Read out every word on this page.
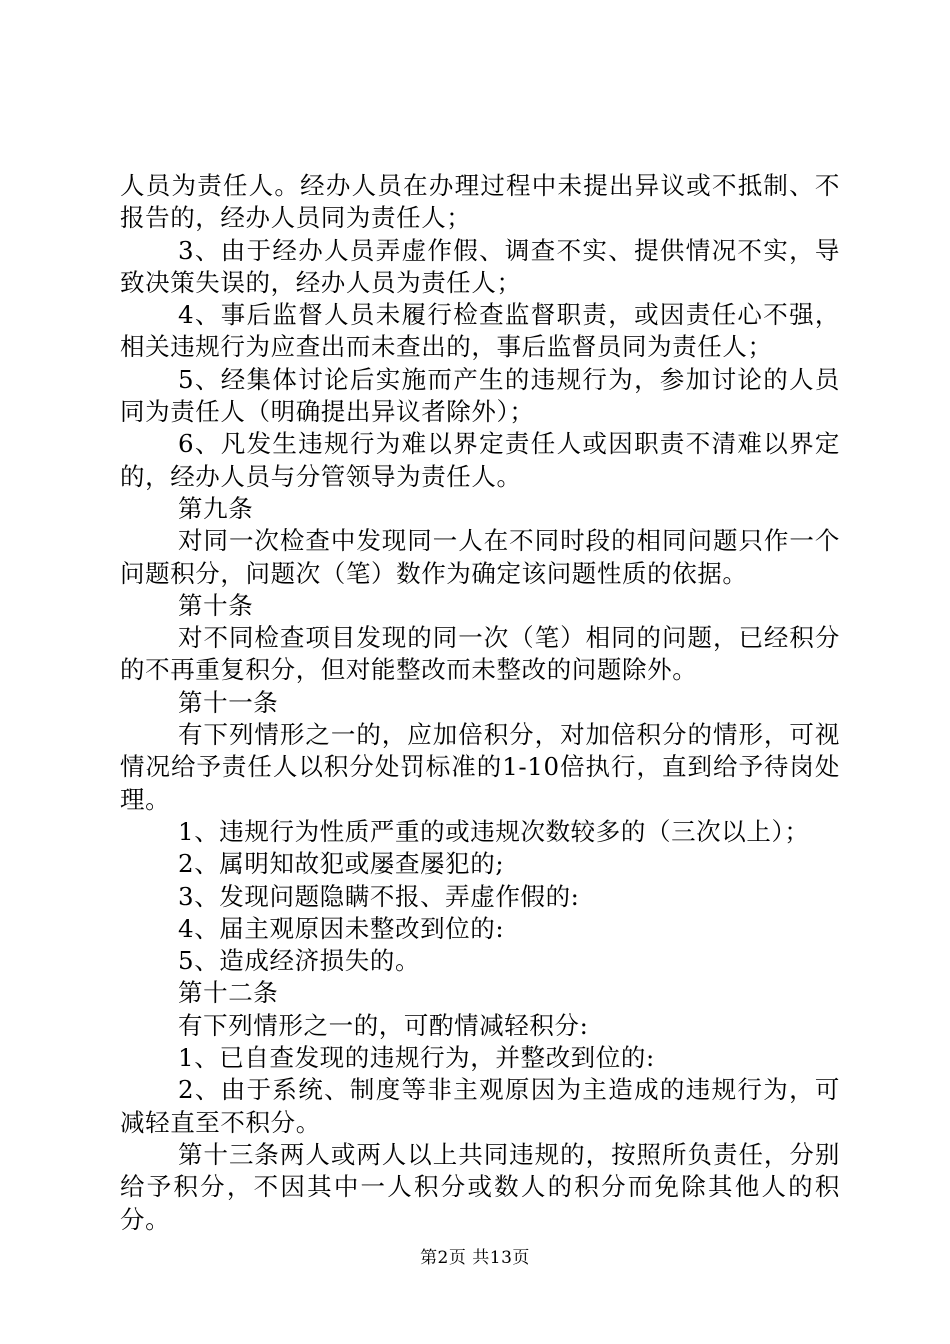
人员为责任人。经办人员在办理过程中未提出异议或不抵制、不报告的，经办人员同为责任人；

3、由于经办人员弄虚作假、调查不实、提供情况不实，导致决策失误的，经办人员为责任人；

4、事后监督人员未履行检查监督职责，或因责任心不强，相关违规行为应查出而未查出的，事后监督员同为责任人；

5、经集体讨论后实施而产生的违规行为，参加讨论的人员同为责任人（明确提出异议者除外）；

6、凡发生违规行为难以界定责任人或因职责不清难以界定的，经办人员与分管领导为责任人。

第九条

对同一次检查中发现同一人在不同时段的相同问题只作一个问题积分，问题次（笔）数作为确定该问题性质的依据。

第十条

对不同检查项目发现的同一次（笔）相同的问题，已经积分的不再重复积分，但对能整改而未整改的问题除外。

第十一条

有下列情形之一的，应加倍积分，对加倍积分的情形，可视情况给予责任人以积分处罚标准的1-10倍执行，直到给予待岗处理。

1、违规行为性质严重的或违规次数较多的（三次以上）；

2、属明知故犯或屡查屡犯的;

3、发现问题隐瞒不报、弄虚作假的:

4、届主观原因未整改到位的:

5、造成经济损失的。

第十二条

有下列情形之一的，可酌情减轻积分:

1、已自查发现的违规行为，并整改到位的:

2、由于系统、制度等非主观原因为主造成的违规行为，可减轻直至不积分。

第十三条两人或两人以上共同违规的，按照所负责任，分别给予积分，不因其中一人积分或数人的积分而免除其他人的积分。

第2页 共13页
